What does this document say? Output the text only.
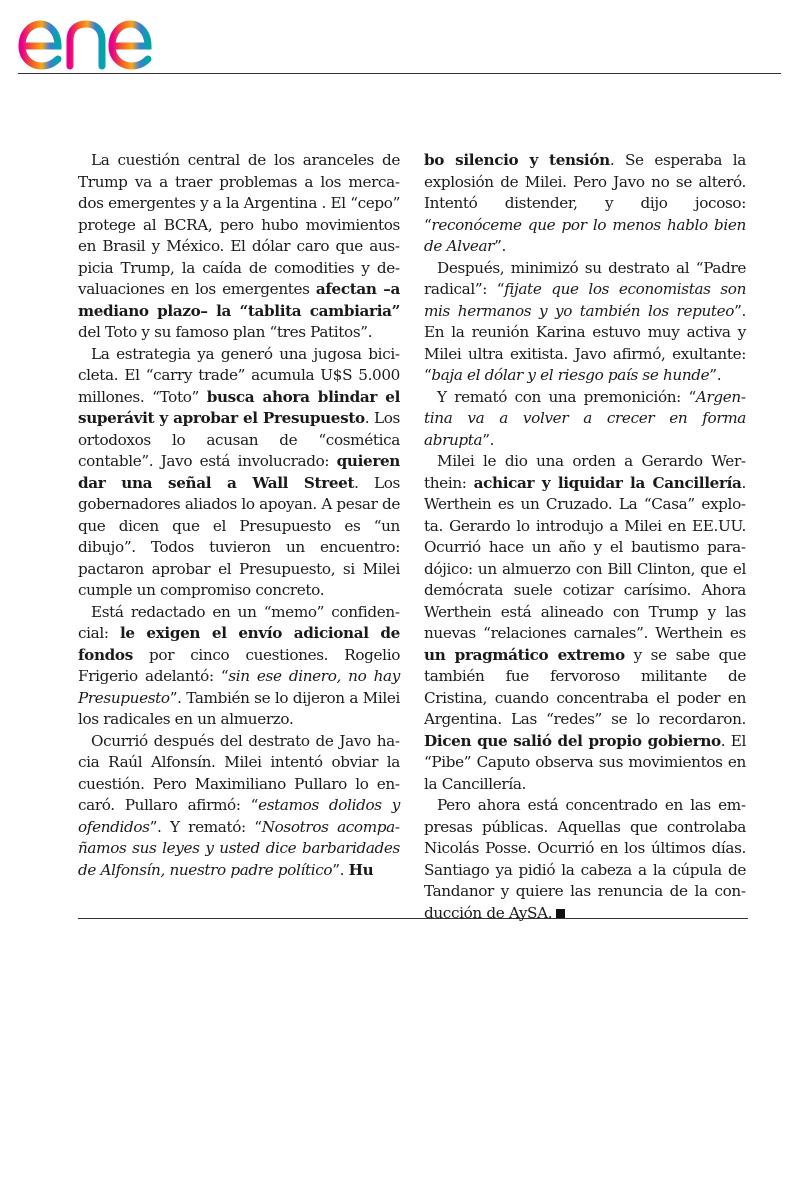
La cuestión central de los aranceles de Trump va a traer problemas a los mercados emergentes y a la Argentina . El “cepo” protege al BCRA, pero hubo movimientos en Brasil y México. El dólar caro que auspicia Trump, la caída de comodities y devaluaciones en los emergentes afectan –a mediano plazo– la “tablita cambiaria” del Toto y su famoso plan “tres Patitos”.

La estrategia ya generó una jugosa bicicleta. El “carry trade” acumula U$S 5.000 millones. “Toto” busca ahora blindar el superávit y aprobar el Presupuesto. Los ortodoxos lo acusan de “cosmética contable”. Javo está involucrado: quieren dar una señal a Wall Street. Los gobernadores aliados lo apoyan. A pesar de que dicen que el Presupuesto es “un dibujo”. Todos tuvieron un encuentro: pactaron aprobar el Presupuesto, si Milei cumple un compromiso concreto.

Está redactado en un “memo” confidencial: le exigen el envío adicional de fondos por cinco cuestiones. Rogelio Frigerio adelantó: “sin ese dinero, no hay Presupuesto”. También se lo dijeron a Milei los radicales en un almuerzo.

Ocurrió después del destrato de Javo hacia Raúl Alfonsín. Milei intentó obviar la cuestión. Pero Maximiliano Pullaro lo encaró. Pullaro afirmó: “estamos dolidos y ofendidos”. Y remató: “Nosotros acompañamos sus leyes y usted dice barbaridades de Alfonsín, nuestro padre político”. Hu

bo silencio y tensión. Se esperaba la explosión de Milei. Pero Javo no se alteró. Intentó distender, y dijo jocoso: “reconóceme que por lo menos hablo bien de Alvear”.

Después, minimizó su destrato al “Padre radical”: “fijate que los economistas son mis hermanos y yo también los reputeo”. En la reunión Karina estuvo muy activa y Milei ultra exitista. Javo afirmó, exultante: “baja el dólar y el riesgo país se hunde”.

Y remató con una premonición: “Argentina va a volver a crecer en forma abrupta”.

Milei le dio una orden a Gerardo Werthein: achicar y liquidar la Cancillería. Werthein es un Cruzado. La “Casa” explota. Gerardo lo introdujo a Milei en EE.UU. Ocurrió hace un año y el bautismo paradójico: un almuerzo con Bill Clinton, que el demócrata suele cotizar carísimo. Ahora Werthein está alineado con Trump y las nuevas “relaciones carnales”. Werthein es un pragmático extremo y se sabe que también fue fervoroso militante de Cristina, cuando concentraba el poder en Argentina. Las “redes” se lo recordaron. Dicen que salió del propio gobierno. El “Pibe” Caputo observa sus movimientos en la Cancillería.

Pero ahora está concentrado en las empresas públicas. Aquellas que controlaba Nicolás Posse. Ocurrió en los últimos días. Santiago ya pidió la cabeza a la cúpula de Tandanor y quiere las renuncia de la conducción de AySA.
